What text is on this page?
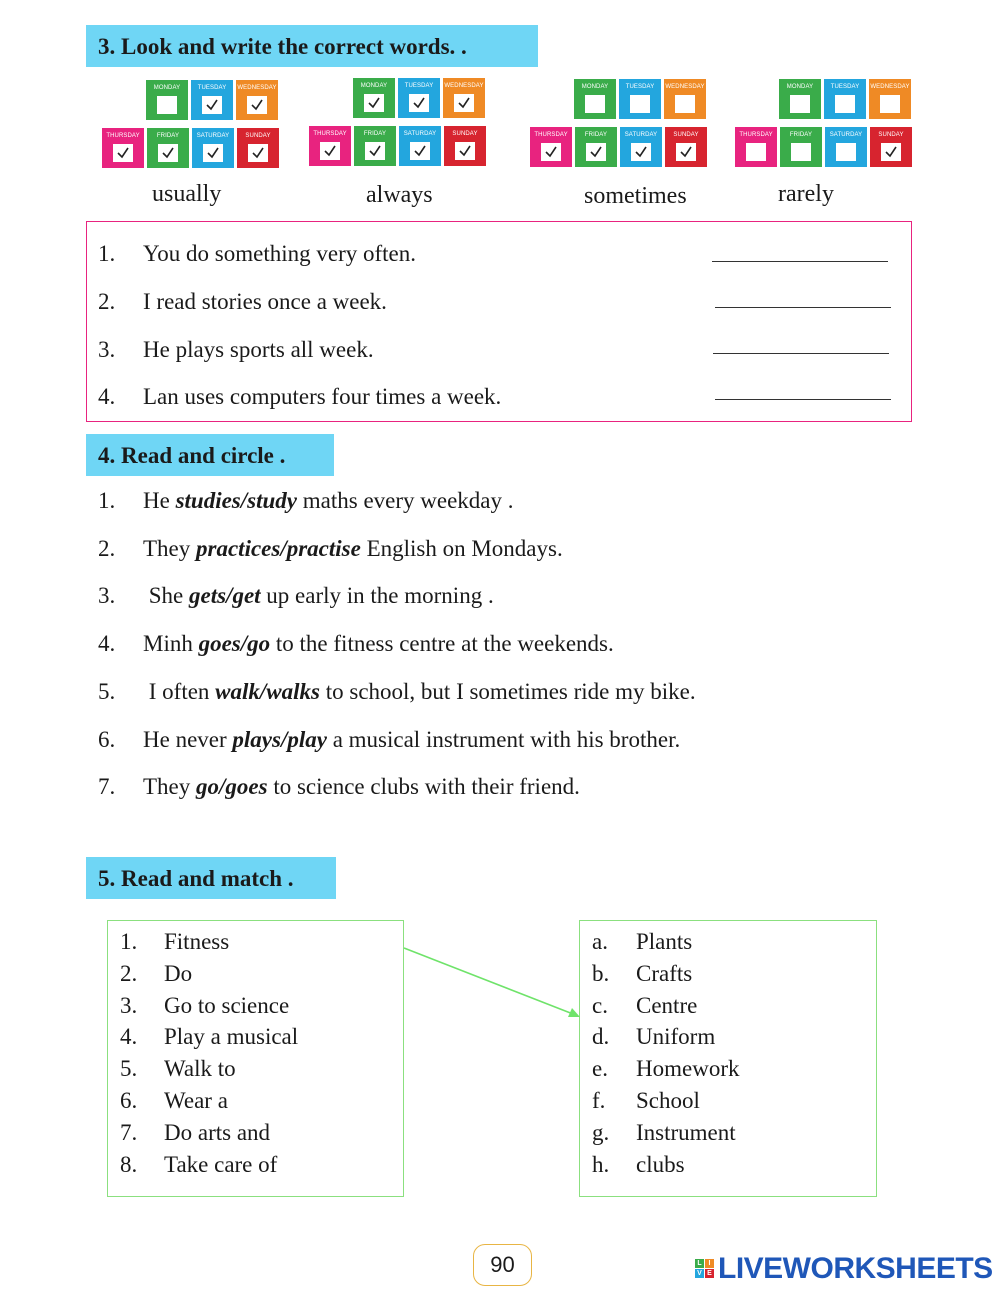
3. Look and write the correct words. .
MONDAY	TUESDAY	WEDNESDAY
THURSDAY	FRIDAY	SATURDAY	SUNDAY
MONDAY	TUESDAY	WEDNESDAY
THURSDAY	FRIDAY	SATURDAY	SUNDAY
MONDAY	TUESDAY	WEDNESDAY
THURSDAY	FRIDAY	SATURDAY	SUNDAY
MONDAY	TUESDAY	WEDNESDAY
THURSDAY	FRIDAY	SATURDAY	SUNDAY
usually	always	sometimes	rarely
1. You do something very often.
2. I read stories once a week.
3. He plays sports all week.
4. Lan uses computers four times a week.
4. Read and circle .
1. He studies/study maths every weekday .
2. They practices/practise English on Mondays.
3. She gets/get up early in the morning .
4. Minh goes/go to the fitness centre at the weekends.
5. I often walk/walks to school, but I sometimes ride my bike.
6. He never plays/play a musical instrument with his brother.
7. They go/goes to science clubs with their friend.
5. Read and match .
1. Fitness
2. Do
3. Go to science
4. Play a musical
5. Walk to
6. Wear a
7. Do arts and
8. Take care of
a. Plants
b. Crafts
c. Centre
d. Uniform
e. Homework
f. School
g. Instrument
h. clubs
90	L I
V E LIVEWORKSHEETS
